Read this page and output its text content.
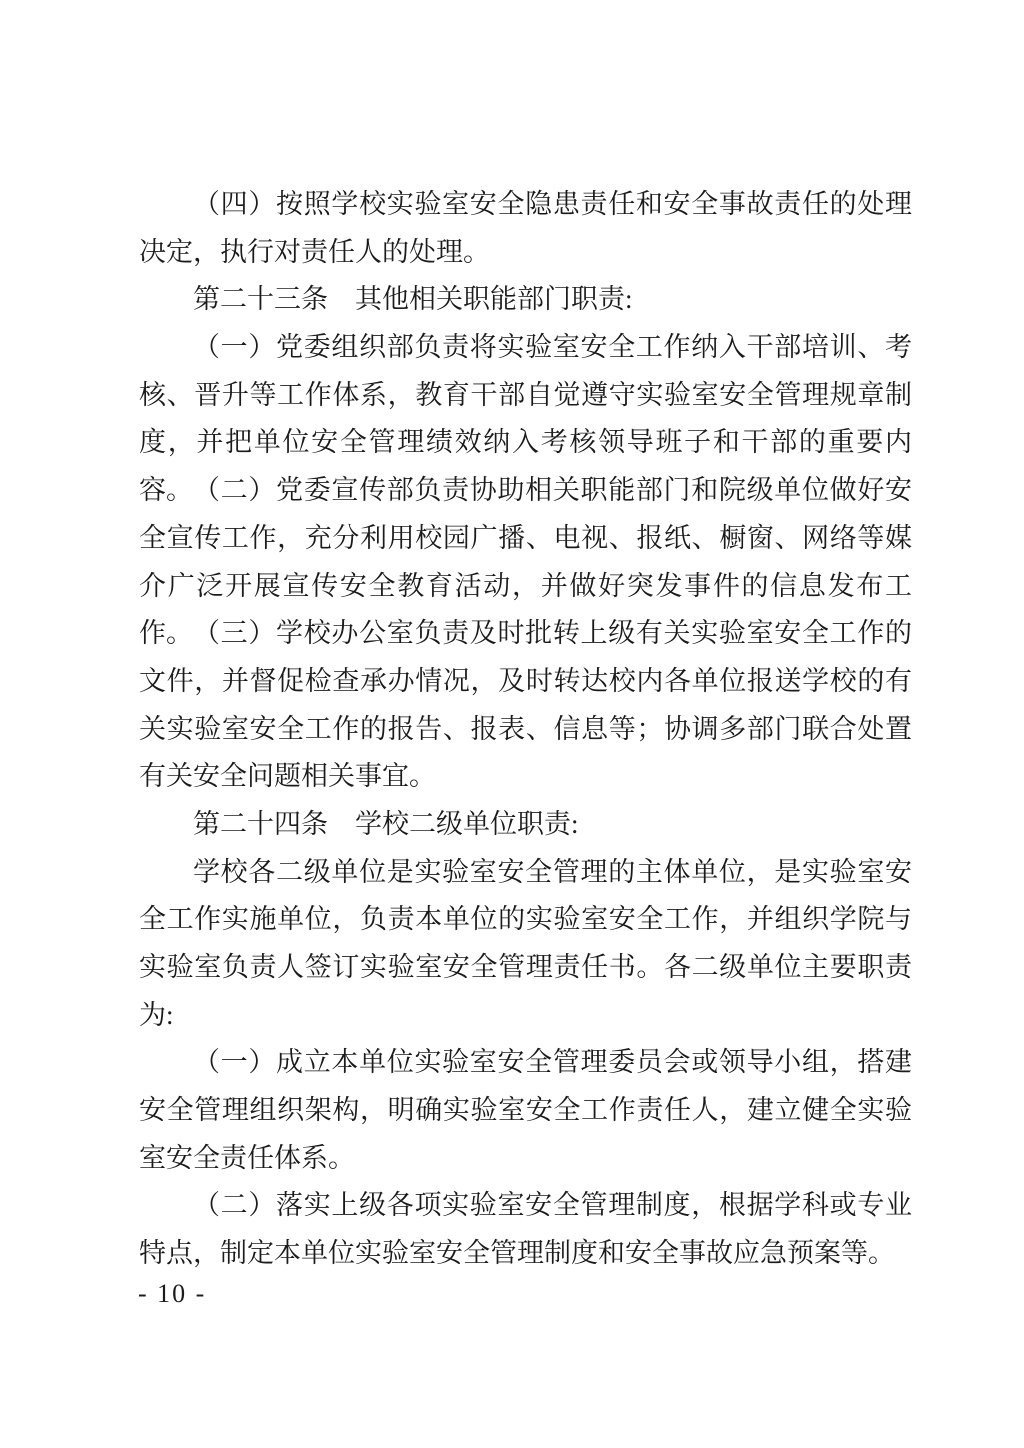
（四）按照学校实验室安全隐患责任和安全事故责任的处理
决定，执行对责任人的处理。
第二十三条　其他相关职能部门职责:
（一）党委组织部负责将实验室安全工作纳入干部培训、考
核、晋升等工作体系，教育干部自觉遵守实验室安全管理规章制
度，并把单位安全管理绩效纳入考核领导班子和干部的重要内容。 （二）党委宣传部负责协助相关职能部门和院级单位做好安
全宣传工作，充分利用校园广播、电视、报纸、橱窗、网络等媒
介广泛开展宣传安全教育活动，并做好突发事件的信息发布工作。 （三）学校办公室负责及时批转上级有关实验室安全工作的
文件，并督促检查承办情况，及时转达校内各单位报送学校的有
关实验室安全工作的报告、报表、信息等；协调多部门联合处置
有关安全问题相关事宜。
第二十四条　学校二级单位职责:
学校各二级单位是实验室安全管理的主体单位，是实验室安
全工作实施单位，负责本单位的实验室安全工作，并组织学院与
实验室负责人签订实验室安全管理责任书。各二级单位主要职责
为:
（一）成立本单位实验室安全管理委员会或领导小组，搭建
安全管理组织架构，明确实验室安全工作责任人，建立健全实验
室安全责任体系。
（二）落实上级各项实验室安全管理制度，根据学科或专业
特点，制定本单位实验室安全管理制度和安全事故应急预案等。
- 10 -
